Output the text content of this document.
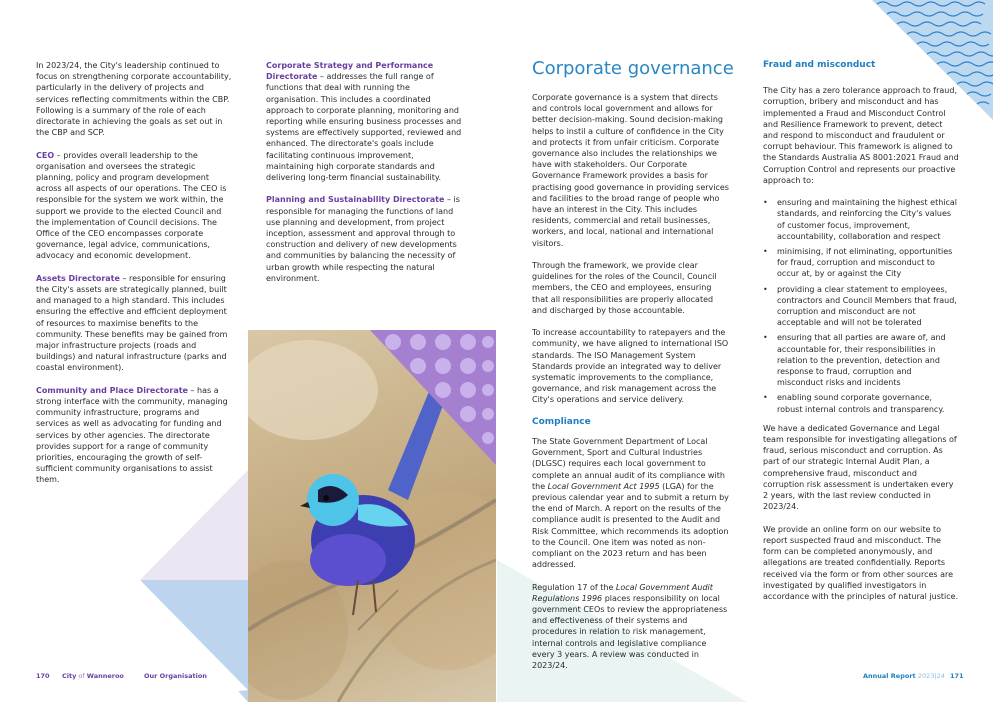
In 2023/24, the City's leadership continued to focus on strengthening corporate accountability, particularly in the delivery of projects and services reflecting commitments within the CBP. Following is a summary of the role of each directorate in achieving the goals as set out in the CBP and SCP.

CEO – provides overall leadership to the organisation and oversees the strategic planning, policy and program development across all aspects of our operations. The CEO is responsible for the system we work within, the support we provide to the elected Council and the implementation of Council decisions. The Office of the CEO encompasses corporate governance, legal advice, communications, advocacy and economic development.

Assets Directorate – responsible for ensuring the City's assets are strategically planned, built and managed to a high standard. This includes ensuring the effective and efficient deployment of resources to maximise benefits to the community. These benefits may be gained from major infrastructure projects (roads and buildings) and natural infrastructure (parks and coastal environment).

Community and Place Directorate – has a strong interface with the community, managing community infrastructure, programs and services as well as advocating for funding and services by other agencies. The directorate provides support for a range of community priorities, encouraging the growth of self-sufficient community organisations to assist them.

Corporate Strategy and Performance Directorate – addresses the full range of functions that deal with running the organisation. This includes a coordinated approach to corporate planning, monitoring and reporting while ensuring business processes and systems are effectively supported, reviewed and enhanced. The directorate's goals include facilitating continuous improvement, maintaining high corporate standards and delivering long-term financial sustainability.

Planning and Sustainability Directorate – is responsible for managing the functions of land use planning and development, from project inception, assessment and approval through to construction and delivery of new developments and communities by balancing the necessity of urban growth while respecting the natural environment.

170 City of Wanneroo	Our Organisation
Corporate governance

Corporate governance is a system that directs and controls local government and allows for better decision-making. Sound decision-making helps to instil a culture of confidence in the City and protects it from unfair criticism. Corporate governance also includes the relationships we have with stakeholders. Our Corporate Governance Framework provides a basis for practising good governance in providing services and facilities to the broad range of people who have an interest in the City. This includes residents, commercial and retail businesses, workers, and local, national and international visitors.

Through the framework, we provide clear guidelines for the roles of the Council, Council members, the CEO and employees, ensuring that all responsibilities are properly allocated and discharged by those accountable.

To increase accountability to ratepayers and the community, we have aligned to international ISO standards. The ISO Management System Standards provide an integrated way to deliver systematic improvements to the compliance, governance, and risk management across the City's operations and service delivery.

Compliance

The State Government Department of Local Government, Sport and Cultural Industries (DLGSC) requires each local government to complete an annual audit of its compliance with the Local Government Act 1995 (LGA) for the previous calendar year and to submit a return by the end of March. A report on the results of the compliance audit is presented to the Audit and Risk Committee, which recommends its adoption to the Council. One item was noted as non-compliant on the 2023 return and has been addressed.

Regulation 17 of the Local Government Audit Regulations 1996 places responsibility on local government CEOs to review the appropriateness and effectiveness of their systems and procedures in relation to risk management, internal controls and legislative compliance every 3 years. A review was conducted in 2023/24.

Fraud and misconduct

The City has a zero tolerance approach to fraud, corruption, bribery and misconduct and has implemented a Fraud and Misconduct Control and Resilience Framework to prevent, detect and respond to misconduct and fraudulent or corrupt behaviour. This framework is aligned to the Standards Australia AS 8001:2021 Fraud and Corruption Control and represents our proactive approach to:

• ensuring and maintaining the highest ethical standards, and reinforcing the City's values of customer focus, improvement, accountability, collaboration and respect
• minimising, if not eliminating, opportunities for fraud, corruption and misconduct to occur at, by or against the City
• providing a clear statement to employees, contractors and Council Members that fraud, corruption and misconduct are not acceptable and will not be tolerated
• ensuring that all parties are aware of, and accountable for, their responsibilities in relation to the prevention, detection and response to fraud, corruption and misconduct risks and incidents
• enabling sound corporate governance, robust internal controls and transparency.

We have a dedicated Governance and Legal team responsible for investigating allegations of fraud, serious misconduct and corruption. As part of our strategic Internal Audit Plan, a comprehensive fraud, misconduct and corruption risk assessment is undertaken every 2 years, with the last review conducted in 2023/24.

We provide an online form on our website to report suspected fraud and misconduct. The form can be completed anonymously, and allegations are treated confidentially. Reports received via the form or from other sources are investigated by qualified investigators in accordance with the principles of natural justice.

Annual Report 2023|24 171
